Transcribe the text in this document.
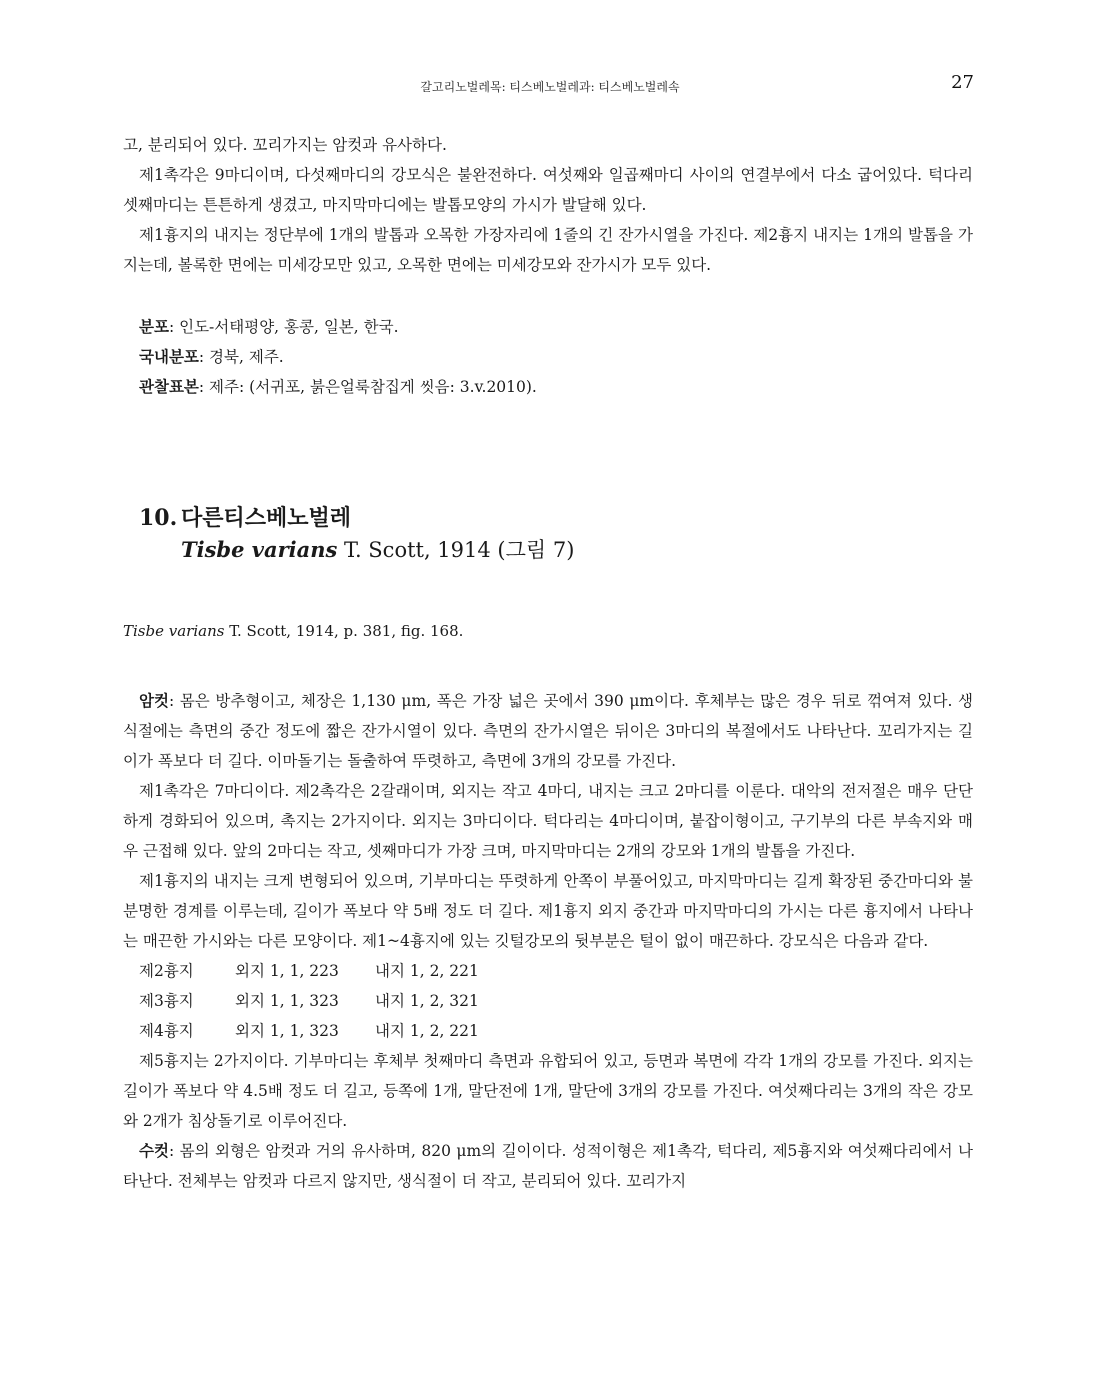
갈고리노벌레목: 티스베노벌레과: 티스베노벌레속	27

고, 분리되어 있다. 꼬리가지는 암컷과 유사하다.

제1촉각은 9마디이며, 다섯째마디의 강모식은 불완전하다. 여섯째와 일곱째마디 사이의 연결부에서 다소 굽어있다. 턱다리 셋째마디는 튼튼하게 생겼고, 마지막마디에는 발톱모양의 가시가 발달해 있다.

제1흉지의 내지는 정단부에 1개의 발톱과 오목한 가장자리에 1줄의 긴 잔가시열을 가진다. 제2흉지 내지는 1개의 발톱을 가지는데, 볼록한 면에는 미세강모만 있고, 오목한 면에는 미세강모와 잔가시가 모두 있다.

분포: 인도-서태평양, 홍콩, 일본, 한국.

국내분포: 경북, 제주.

관찰표본: 제주: (서귀포, 붉은얼룩참집게 씻음: 3.v.2010).

10. 다른티스베노벌레
Tisbe varians T. Scott, 1914 (그림 7)

Tisbe varians T. Scott, 1914, p. 381, fig. 168.

암컷: 몸은 방추형이고, 체장은 1,130 μm, 폭은 가장 넓은 곳에서 390 μm이다. 후체부는 많은 경우 뒤로 꺾여져 있다. 생식절에는 측면의 중간 정도에 짧은 잔가시열이 있다. 측면의 잔가시열은 뒤이은 3마디의 복절에서도 나타난다. 꼬리가지는 길이가 폭보다 더 길다. 이마돌기는 돌출하여 뚜렷하고, 측면에 3개의 강모를 가진다.

제1촉각은 7마디이다. 제2촉각은 2갈래이며, 외지는 작고 4마디, 내지는 크고 2마디를 이룬다. 대악의 전저절은 매우 단단하게 경화되어 있으며, 촉지는 2가지이다. 외지는 3마디이다. 턱다리는 4마디이며, 붙잡이형이고, 구기부의 다른 부속지와 매우 근접해 있다. 앞의 2마디는 작고, 셋째마디가 가장 크며, 마지막마디는 2개의 강모와 1개의 발톱을 가진다.

제1흉지의 내지는 크게 변형되어 있으며, 기부마디는 뚜렷하게 안쪽이 부풀어있고, 마지막마디는 길게 확장된 중간마디와 불분명한 경계를 이루는데, 길이가 폭보다 약 5배 정도 더 길다. 제1흉지 외지 중간과 마지막마디의 가시는 다른 흉지에서 나타나는 매끈한 가시와는 다른 모양이다. 제1~4흉지에 있는 깃털강모의 뒷부분은 털이 없이 매끈하다. 강모식은 다음과 같다.

제2흉지	외지 1, 1, 223 내지 1, 2, 221
제3흉지	외지 1, 1, 323 내지 1, 2, 321
제4흉지	외지 1, 1, 323 내지 1, 2, 221

제5흉지는 2가지이다. 기부마디는 후체부 첫째마디 측면과 유합되어 있고, 등면과 복면에 각각 1개의 강모를 가진다. 외지는 길이가 폭보다 약 4.5배 정도 더 길고, 등쪽에 1개, 말단전에 1개, 말단에 3개의 강모를 가진다. 여섯째다리는 3개의 작은 강모와 2개가 침상돌기로 이루어진다.

수컷: 몸의 외형은 암컷과 거의 유사하며, 820 μm의 길이이다. 성적이형은 제1촉각, 턱다리, 제5흉지와 여섯째다리에서 나타난다. 전체부는 암컷과 다르지 않지만, 생식절이 더 작고, 분리되어 있다. 꼬리가지
